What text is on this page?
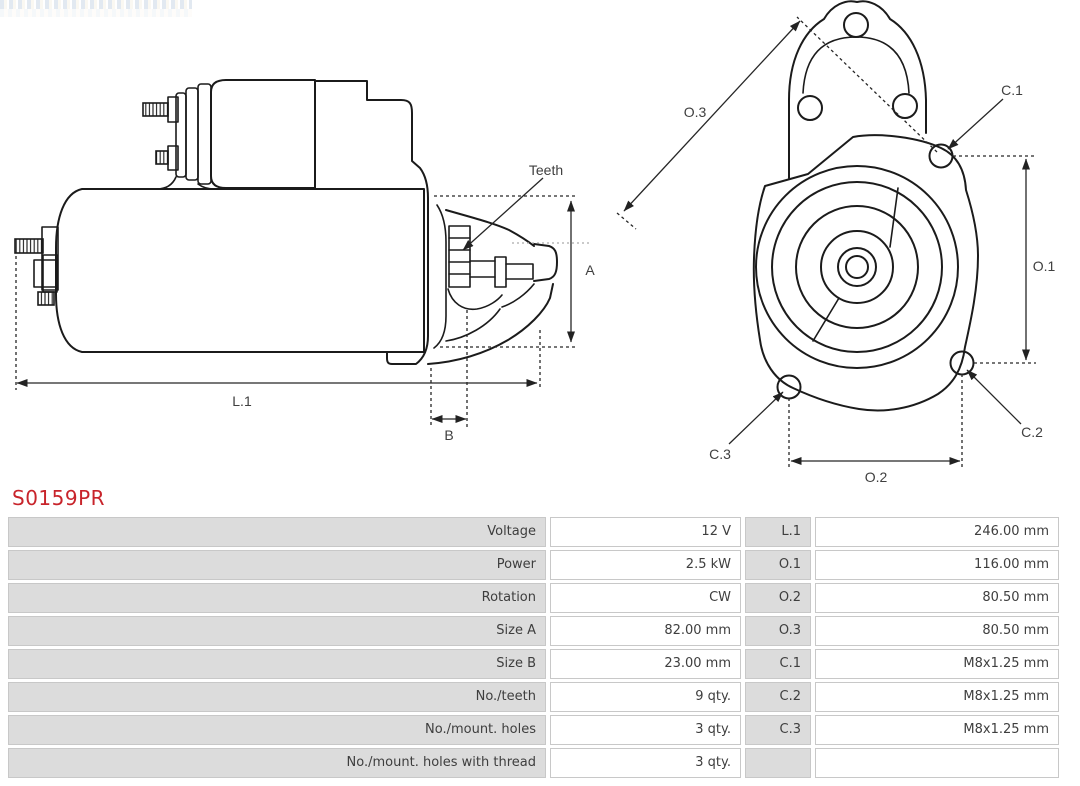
Teeth
A
L.1
B
O.3
C.1
O.1
O.2
C.2
C.3
S0159PR
Voltage	12 V	L.1	246.00 mm
Power	2.5 kW	O.1	116.00 mm
Rotation	CW	O.2	80.50 mm
Size A	82.00 mm	O.3	80.50 mm
Size B	23.00 mm	C.1	M8x1.25 mm
No./teeth	9 qty.	C.2	M8x1.25 mm
No./mount. holes	3 qty.	C.3	M8x1.25 mm
No./mount. holes with thread	3 qty.
